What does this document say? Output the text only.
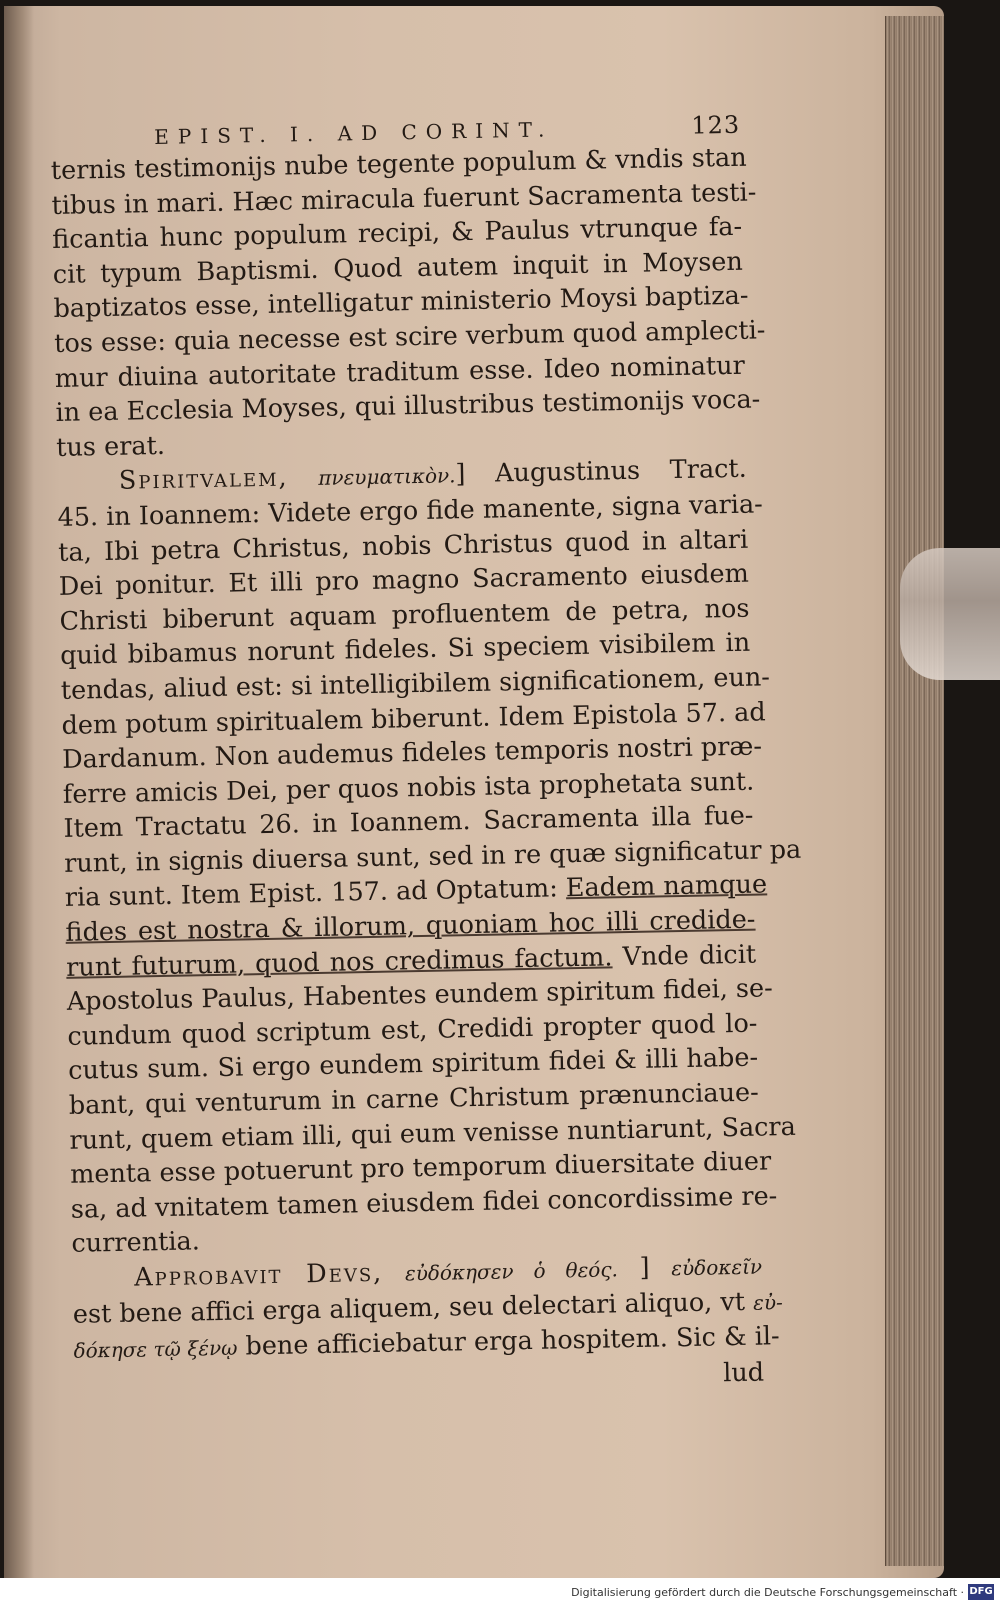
EPIST. I. AD CORINT.	123
ternis testimonijs nube tegente populum & vndis stan
tibus in mari. Hæc miracula fuerunt Sacramenta testi-
ficantia hunc populum recipi, & Paulus vtrunque fa-
cit typum Baptismi. Quod autem inquit in Moysen
baptizatos esse, intelligatur ministerio Moysi baptiza-
tos esse: quia necesse est scire verbum quod amplecti-
mur diuina autoritate traditum esse. Ideo nominatur
in ea Ecclesia Moyses, qui illustribus testimonijs voca-
tus erat.
Spiritvalem, πνευματικὸν.] Augustinus Tract.
45. in Ioannem: Videte ergo fide manente, signa varia-
ta, Ibi petra Christus, nobis Christus quod in altari
Dei ponitur. Et illi pro magno Sacramento eiusdem
Christi biberunt aquam profluentem de petra, nos
quid bibamus norunt fideles. Si speciem visibilem in
tendas, aliud est: si intelligibilem significationem, eun-
dem potum spiritualem biberunt. Idem Epistola 57. ad
Dardanum. Non audemus fideles temporis nostri præ-
ferre amicis Dei, per quos nobis ista prophetata sunt.
Item Tractatu 26. in Ioannem. Sacramenta illa fue-
runt, in signis diuersa sunt, sed in re quæ significatur pa
ria sunt. Item Epist. 157. ad Optatum: Eadem namque
fides est nostra & illorum, quoniam hoc illi credide-
runt futurum, quod nos credimus factum. Vnde dicit
Apostolus Paulus, Habentes eundem spiritum fidei, se-
cundum quod scriptum est, Credidi propter quod lo-
cutus sum. Si ergo eundem spiritum fidei & illi habe-
bant, qui venturum in carne Christum prænunciaue-
runt, quem etiam illi, qui eum venisse nuntiarunt, Sacra
menta esse potuerunt pro temporum diuersitate diuer
sa, ad vnitatem tamen eiusdem fidei concordissime re-
currentia.
Approbavit Devs, εὐδόκησεν ὁ θεός. ] εὐδοκεῖν
est bene affici erga aliquem, seu delectari aliquo, vt εὐ-
δόκησε τῷ ξένῳ bene afficiebatur erga hospitem. Sic & il-
lud
Digitalisierung gefördert durch die Deutsche Forschungsgemeinschaft · DFG
